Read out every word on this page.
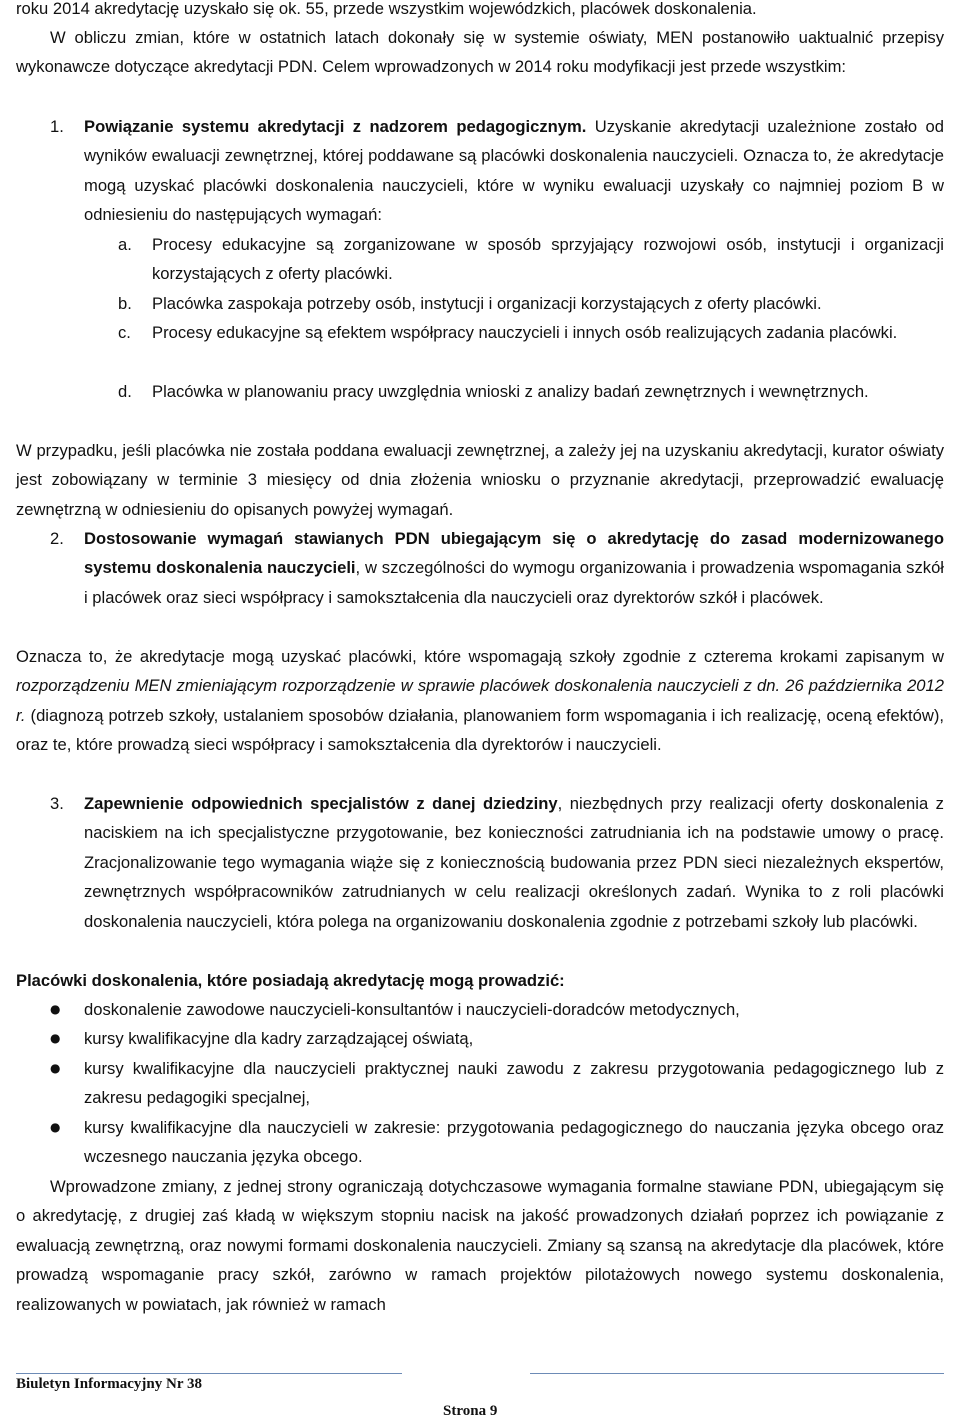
roku 2014 akredytację uzyskało się ok. 55, przede wszystkim wojewódzkich, placówek doskonalenia.
W obliczu zmian, które w ostatnich latach dokonały się w systemie oświaty, MEN postanowiło uaktualnić przepisy wykonawcze dotyczące akredytacji PDN. Celem wprowadzonych w 2014 roku modyfikacji jest przede wszystkim:
1.	Powiązanie systemu akredytacji z nadzorem pedagogicznym. Uzyskanie akredytacji uzależnione zostało od wyników ewaluacji zewnętrznej, której poddawane są placówki doskonalenia nauczycieli. Oznacza to, że akredytacje mogą uzyskać placówki doskonalenia nauczycieli, które w wyniku ewaluacji uzyskały co najmniej poziom B w odniesieniu do następujących wymagań:
a.	Procesy edukacyjne są zorganizowane w sposób sprzyjający rozwojowi osób, instytucji i organizacji korzystających z oferty placówki.
b.	Placówka zaspokaja potrzeby osób, instytucji i organizacji korzystających z oferty placówki.
c.	Procesy edukacyjne są efektem współpracy nauczycieli i innych osób realizujących zadania placówki.
d.	Placówka w planowaniu pracy uwzględnia wnioski z analizy badań zewnętrznych i wewnętrznych.
W przypadku, jeśli placówka nie została poddana ewaluacji zewnętrznej, a zależy jej na uzyskaniu akredytacji, kurator oświaty jest zobowiązany w terminie 3 miesięcy od dnia złożenia wniosku o przyznanie akredytacji, przeprowadzić ewaluację zewnętrzną w odniesieniu do opisanych powyżej wymagań.
2.	Dostosowanie wymagań stawianych PDN ubiegającym się o akredytację do zasad modernizowanego systemu doskonalenia nauczycieli, w szczególności do wymogu organizowania i prowadzenia wspomagania szkół i placówek oraz sieci współpracy i samokształcenia dla nauczycieli oraz dyrektorów szkół i placówek.
Oznacza to, że akredytacje mogą uzyskać placówki, które wspomagają szkoły zgodnie z czterema krokami zapisanym w rozporządzeniu MEN zmieniającym rozporządzenie w sprawie placówek doskonalenia nauczycieli z dn. 26 października 2012 r. (diagnozą potrzeb szkoły, ustalaniem sposobów działania, planowaniem form wspomagania i ich realizację, oceną efektów), oraz te, które prowadzą sieci współpracy i samokształcenia dla dyrektorów i nauczycieli.
3.	Zapewnienie odpowiednich specjalistów z danej dziedziny, niezbędnych przy realizacji oferty doskonalenia z naciskiem na ich specjalistyczne przygotowanie, bez konieczności zatrudniania ich na podstawie umowy o pracę. Zracjonalizowanie tego wymagania wiąże się z koniecznością budowania przez PDN sieci niezależnych ekspertów, zewnętrznych współpracowników zatrudnianych w celu realizacji określonych zadań. Wynika to z roli placówki doskonalenia nauczycieli, która polega na organizowaniu doskonalenia zgodnie z potrzebami szkoły lub placówki.
Placówki doskonalenia, które posiadają akredytację mogą prowadzić:
●	doskonalenie zawodowe nauczycieli-konsultantów i nauczycieli-doradców metodycznych,
●	kursy kwalifikacyjne dla kadry zarządzającej oświatą,
●	kursy kwalifikacyjne dla nauczycieli praktycznej nauki zawodu z zakresu przygotowania pedagogicznego lub z zakresu pedagogiki specjalnej,
●	kursy kwalifikacyjne dla nauczycieli w zakresie: przygotowania pedagogicznego do nauczania języka obcego oraz wczesnego nauczania języka obcego.
Wprowadzone zmiany, z jednej strony ograniczają dotychczasowe wymagania formalne stawiane PDN, ubiegającym się o akredytację, z drugiej zaś kładą w większym stopniu nacisk na jakość prowadzonych działań poprzez ich powiązanie z ewaluacją zewnętrzną, oraz nowymi formami doskonalenia nauczycieli. Zmiany są szansą na akredytacje dla placówek, które prowadzą wspomaganie pracy szkół, zarówno w ramach projektów pilotażowych nowego systemu doskonalenia, realizowanych w powiatach, jak również w ramach
Biuletyn Informacyjny Nr 38
Strona 9
